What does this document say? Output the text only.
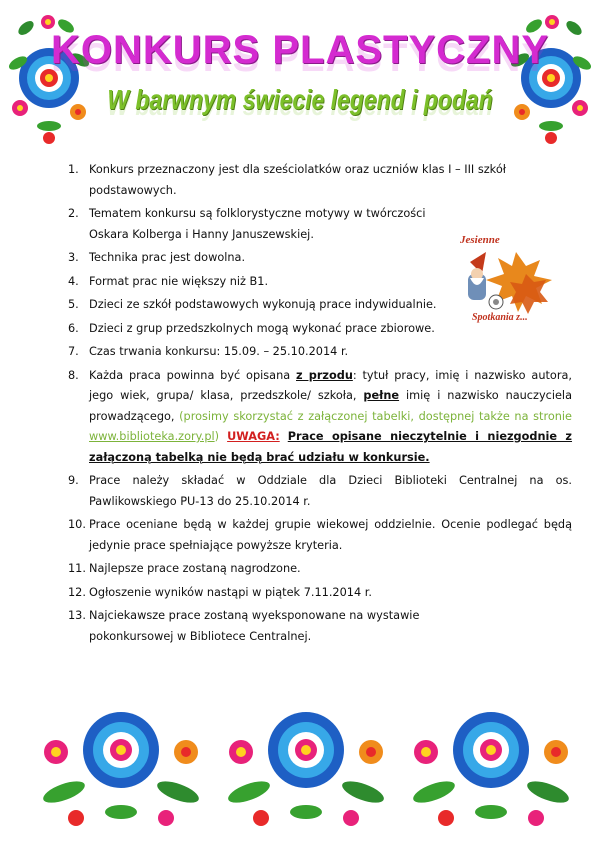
KONKURS PLASTYCZNY
W barwnym świecie legend i podań
Jesienne
Spotkania z...
1. Konkurs przeznaczony jest dla sześciolatków oraz uczniów klas I – III szkół podstawowych.
2. Tematem konkursu są folklorystyczne motywy w twórczości Oskara Kolberga i Hanny Januszewskiej.
3. Technika prac jest dowolna.
4. Format prac nie większy niż B1.
5. Dzieci ze szkół podstawowych wykonują prace indywidualnie.
6. Dzieci z grup przedszkolnych mogą wykonać prace zbiorowe.
7. Czas trwania konkursu: 15.09. – 25.10.2014 r.
8. Każda praca powinna być opisana z przodu: tytuł pracy, imię i nazwisko autora, jego wiek, grupa/ klasa, przedszkole/ szkoła, pełne imię i nazwisko nauczyciela prowadzącego, (prosimy skorzystać z załączonej tabelki, dostępnej także na stronie www.biblioteka.zory.pl) UWAGA: Prace opisane nieczytelnie i niezgodnie z załączoną tabelką nie będą brać udziału w konkursie.
9. Prace należy składać w Oddziale dla Dzieci Biblioteki Centralnej na os. Pawlikowskiego PU-13 do 25.10.2014 r.
10. Prace oceniane będą w każdej grupie wiekowej oddzielnie. Ocenie podlegać będą jedynie prace spełniające powyższe kryteria.
11. Najlepsze prace zostaną nagrodzone.
12. Ogłoszenie wyników nastąpi w piątek 7.11.2014 r.
13. Najciekawsze prace zostaną wyeksponowane na wystawie pokonkursowej w Bibliotece Centralnej.
